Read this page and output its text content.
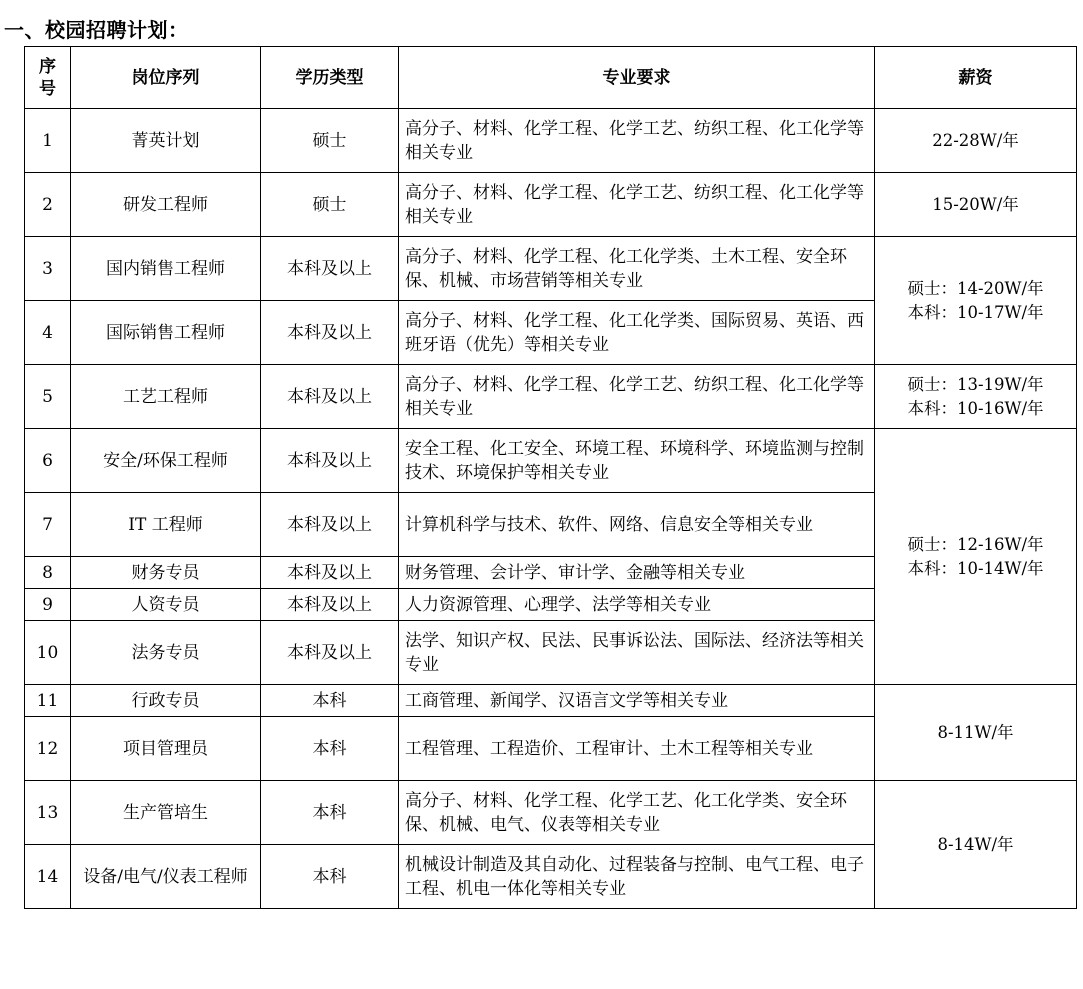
一、校园招聘计划：
序
号	岗位序列	学历类型	专业要求	薪资
1	菁英计划	硕士	高分子、材料、化学工程、化学工艺、纺织工程、化工化学等相关专业	22-28W/年
2	研发工程师	硕士	高分子、材料、化学工程、化学工艺、纺织工程、化工化学等相关专业	15-20W/年
3	国内销售工程师	本科及以上	高分子、材料、化学工程、化工化学类、土木工程、安全环保、机械、市场营销等相关专业	硕士：14-20W/年
本科：10-17W/年
4	国际销售工程师	本科及以上	高分子、材料、化学工程、化工化学类、国际贸易、英语、西班牙语（优先）等相关专业	
5	工艺工程师	本科及以上	高分子、材料、化学工程、化学工艺、纺织工程、化工化学等相关专业	硕士：13-19W/年
本科：10-16W/年
6	安全/环保工程师	本科及以上	安全工程、化工安全、环境工程、环境科学、环境监测与控制技术、环境保护等相关专业	硕士：12-16W/年
本科：10-14W/年
7	IT 工程师	本科及以上	计算机科学与技术、软件、网络、信息安全等相关专业	
8	财务专员	本科及以上	财务管理、会计学、审计学、金融等相关专业	
9	人资专员	本科及以上	人力资源管理、心理学、法学等相关专业	
10	法务专员	本科及以上	法学、知识产权、民法、民事诉讼法、国际法、经济法等相关专业	
11	行政专员	本科	工商管理、新闻学、汉语言文学等相关专业	8-11W/年
12	项目管理员	本科	工程管理、工程造价、工程审计、土木工程等相关专业	
13	生产管培生	本科	高分子、材料、化学工程、化学工艺、化工化学类、安全环保、机械、电气、仪表等相关专业	8-14W/年
14	设备/电气/仪表工程师	本科	机械设计制造及其自动化、过程装备与控制、电气工程、电子工程、机电一体化等相关专业	
